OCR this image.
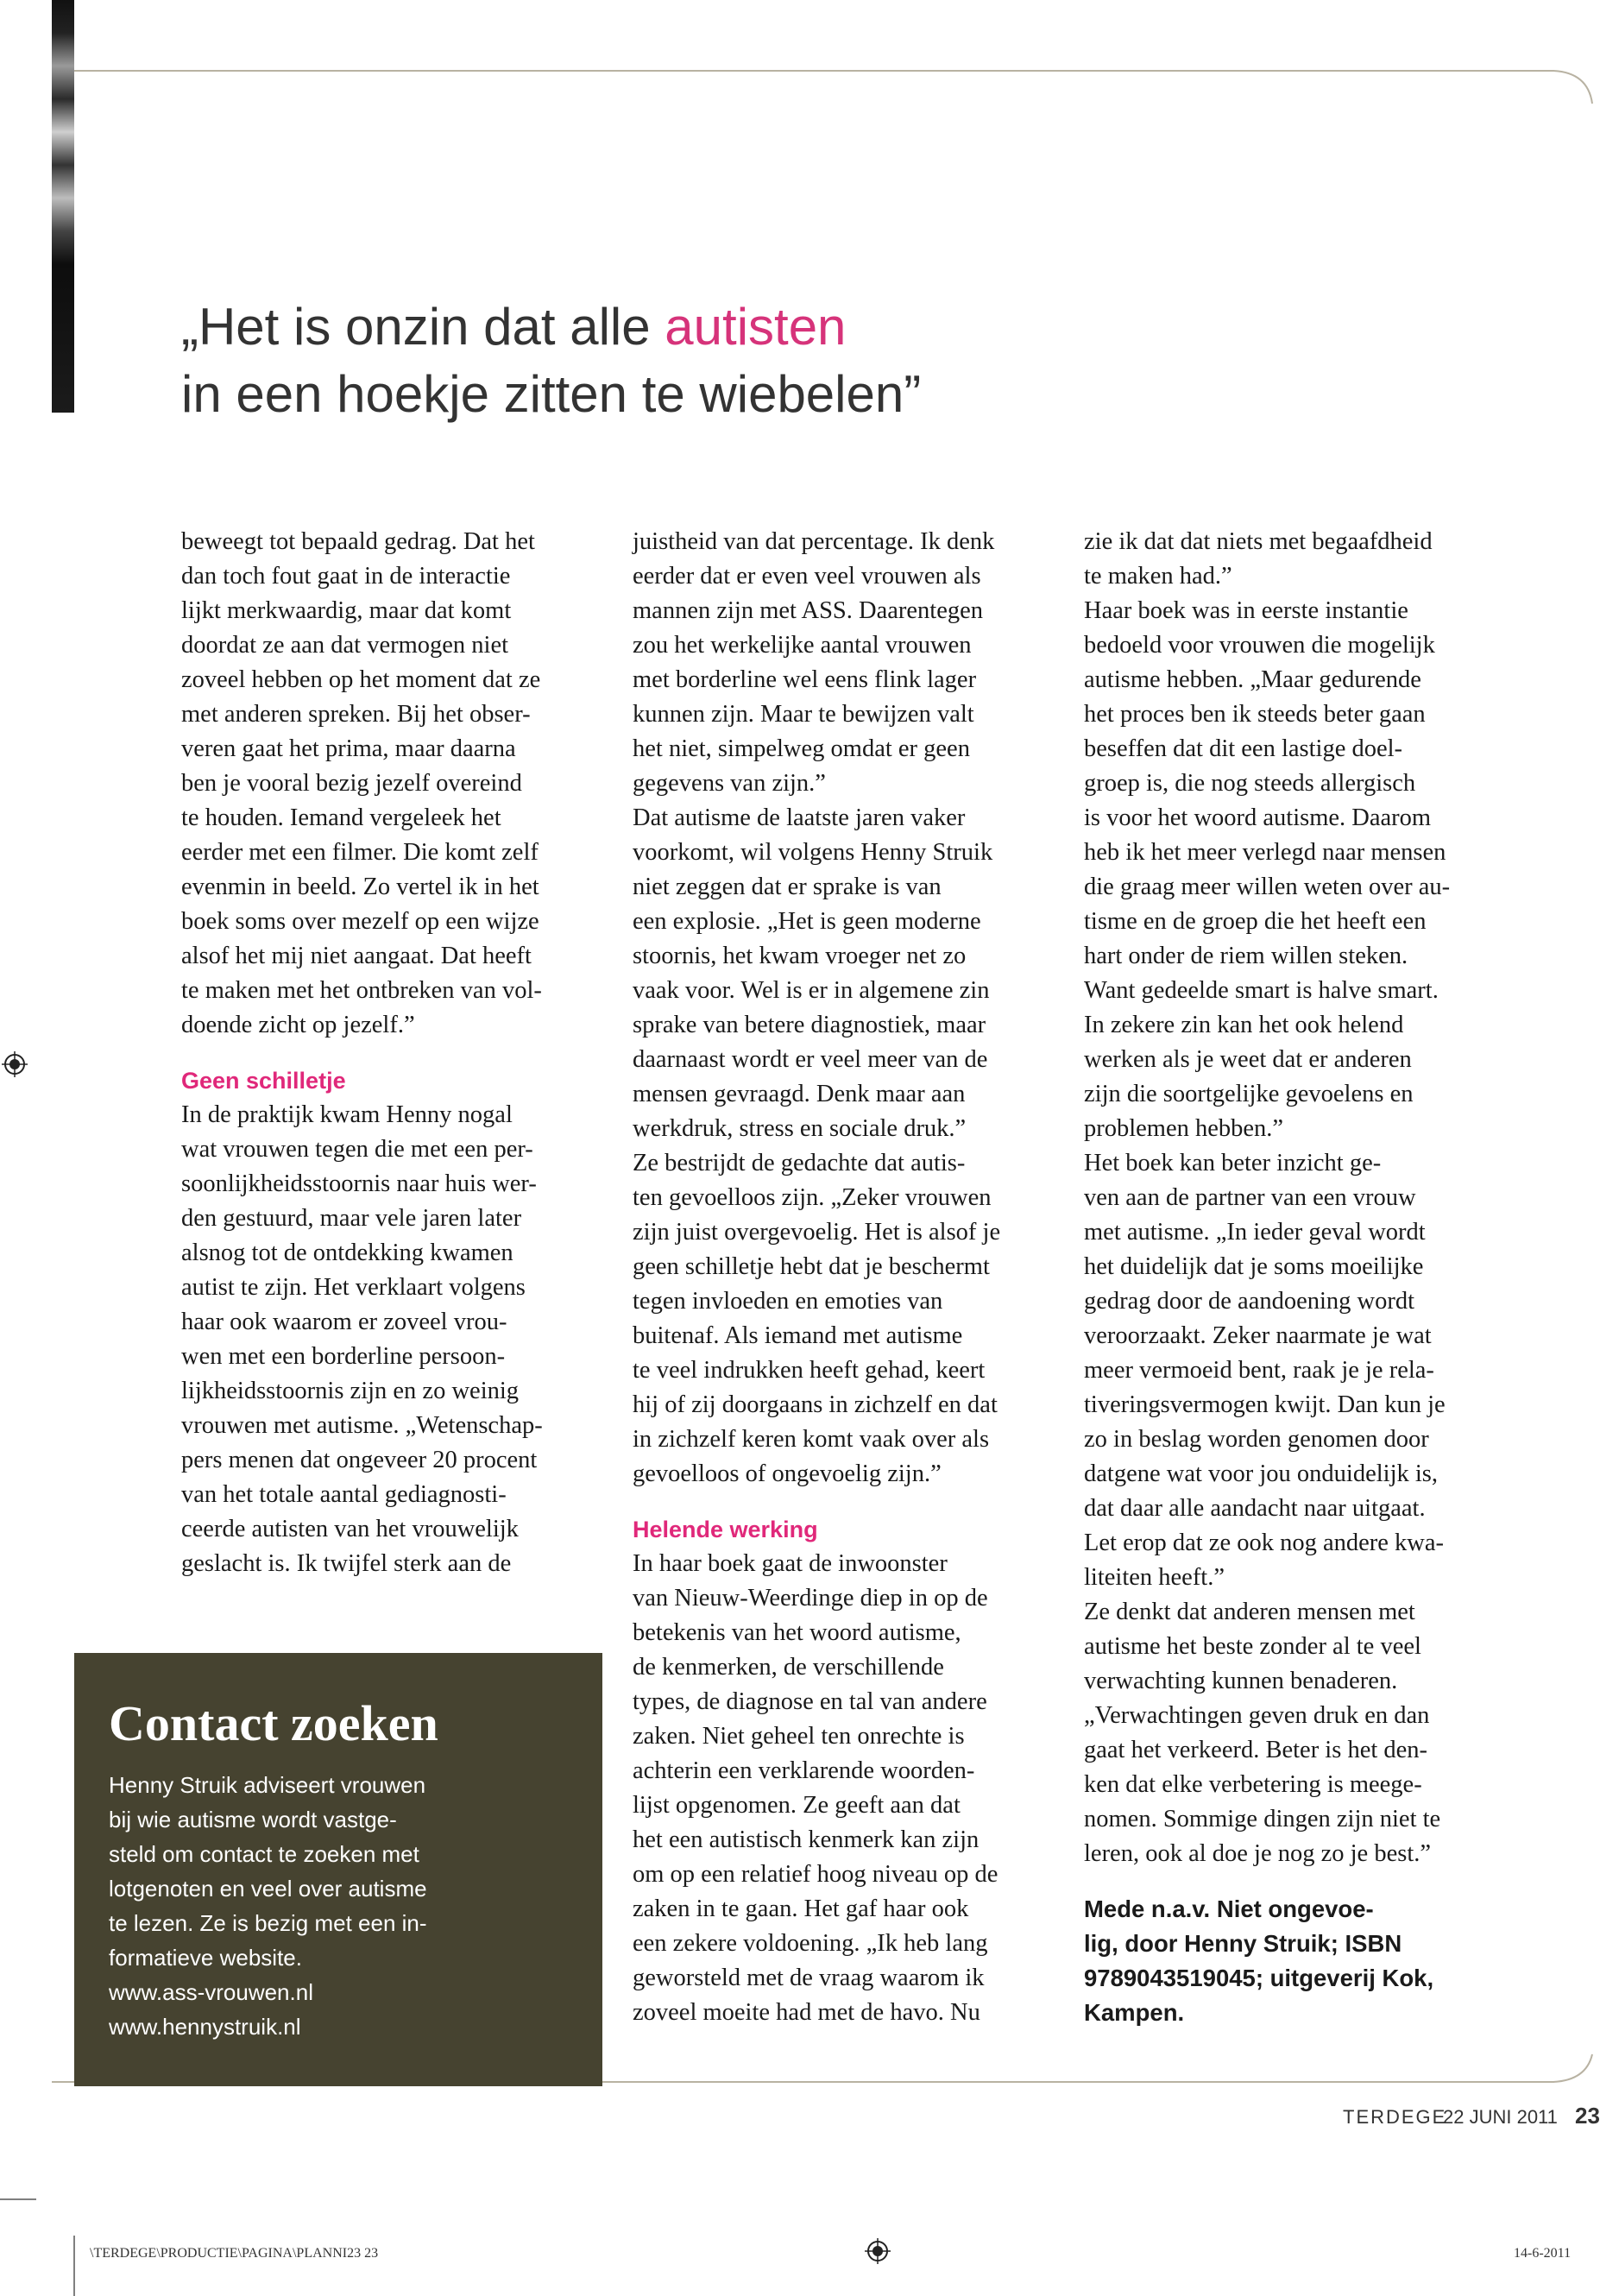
„Het is onzin dat alle autisten
in een hoekje zitten te wiebelen”

beweegt tot bepaald gedrag. Dat het
dan toch fout gaat in de interactie
lijkt merkwaardig, maar dat komt
doordat ze aan dat vermogen niet
zoveel hebben op het moment dat ze
met anderen spreken. Bij het obser-
veren gaat het prima, maar daarna
ben je vooral bezig jezelf overeind
te houden. Iemand vergeleek het
eerder met een filmer. Die komt zelf
evenmin in beeld. Zo vertel ik in het
boek soms over mezelf op een wijze
alsof het mij niet aangaat. Dat heeft
te maken met het ontbreken van vol-
doende zicht op jezelf.”

Geen schilletje

In de praktijk kwam Henny nogal
wat vrouwen tegen die met een per-
soonlijkheidsstoornis naar huis wer-
den gestuurd, maar vele jaren later
alsnog tot de ontdekking kwamen
autist te zijn. Het verklaart volgens
haar ook waarom er zoveel vrou-
wen met een borderline persoon-
lijkheidsstoornis zijn en zo weinig
vrouwen met autisme. „Wetenschap-
pers menen dat ongeveer 20 procent
van het totale aantal gediagnosti-
ceerde autisten van het vrouwelijk
geslacht is. Ik twijfel sterk aan de

juistheid van dat percentage. Ik denk
eerder dat er even veel vrouwen als
mannen zijn met ASS. Daarentegen
zou het werkelijke aantal vrouwen
met borderline wel eens flink lager
kunnen zijn. Maar te bewijzen valt
het niet, simpelweg omdat er geen
gegevens van zijn.”
Dat autisme de laatste jaren vaker
voorkomt, wil volgens Henny Struik
niet zeggen dat er sprake is van
een explosie. „Het is geen moderne
stoornis, het kwam vroeger net zo
vaak voor. Wel is er in algemene zin
sprake van betere diagnostiek, maar
daarnaast wordt er veel meer van de
mensen gevraagd. Denk maar aan
werkdruk, stress en sociale druk.”
Ze bestrijdt de gedachte dat autis-
ten gevoelloos zijn. „Zeker vrouwen
zijn juist overgevoelig. Het is alsof je
geen schilletje hebt dat je beschermt
tegen invloeden en emoties van
buitenaf. Als iemand met autisme
te veel indrukken heeft gehad, keert
hij of zij doorgaans in zichzelf en dat
in zichzelf keren komt vaak over als
gevoelloos of ongevoelig zijn.”

Helende werking

In haar boek gaat de inwoonster
van Nieuw-Weerdinge diep in op de
betekenis van het woord autisme,
de kenmerken, de verschillende
types, de diagnose en tal van andere
zaken. Niet geheel ten onrechte is
achterin een verklarende woorden-
lijst opgenomen. Ze geeft aan dat
het een autistisch kenmerk kan zijn
om op een relatief hoog niveau op de
zaken in te gaan. Het gaf haar ook
een zekere voldoening. „Ik heb lang
geworsteld met de vraag waarom ik
zoveel moeite had met de havo. Nu

zie ik dat dat niets met begaafdheid
te maken had.”
Haar boek was in eerste instantie
bedoeld voor vrouwen die mogelijk
autisme hebben. „Maar gedurende
het proces ben ik steeds beter gaan
beseffen dat dit een lastige doel-
groep is, die nog steeds allergisch
is voor het woord autisme. Daarom
heb ik het meer verlegd naar mensen
die graag meer willen weten over au-
tisme en de groep die het heeft een
hart onder de riem willen steken.
Want gedeelde smart is halve smart.
In zekere zin kan het ook helend
werken als je weet dat er anderen
zijn die soortgelijke gevoelens en
problemen hebben.”
Het boek kan beter inzicht ge-
ven aan de partner van een vrouw
met autisme. „In ieder geval wordt
het duidelijk dat je soms moeilijke
gedrag door de aandoening wordt
veroorzaakt. Zeker naarmate je wat
meer vermoeid bent, raak je je rela-
tiveringsvermogen kwijt. Dan kun je
zo in beslag worden genomen door
datgene wat voor jou onduidelijk is,
dat daar alle aandacht naar uitgaat.
Let erop dat ze ook nog andere kwa-
liteiten heeft.”
Ze denkt dat anderen mensen met
autisme het beste zonder al te veel
verwachting kunnen benaderen.
„Verwachtingen geven druk en dan
gaat het verkeerd. Beter is het den-
ken dat elke verbetering is meege-
nomen. Sommige dingen zijn niet te
leren, ook al doe je nog zo je best.”

Mede n.a.v. Niet ongevoe-
lig, door Henny Struik; ISBN
9789043519045; uitgeverij Kok,
Kampen.

Contact zoeken
Henny Struik adviseert vrouwen
bij wie autisme wordt vastge-
steld om contact te zoeken met
lotgenoten en veel over autisme
te lezen. Ze is bezig met een in-
formatieve website.
www.ass-vrouwen.nl
www.hennystruik.nl
TERDEGE
22 JUNI 2011 23
\TERDEGE\PRODUCTIE\PAGINA\PLANNI23 23	14-6-2011
